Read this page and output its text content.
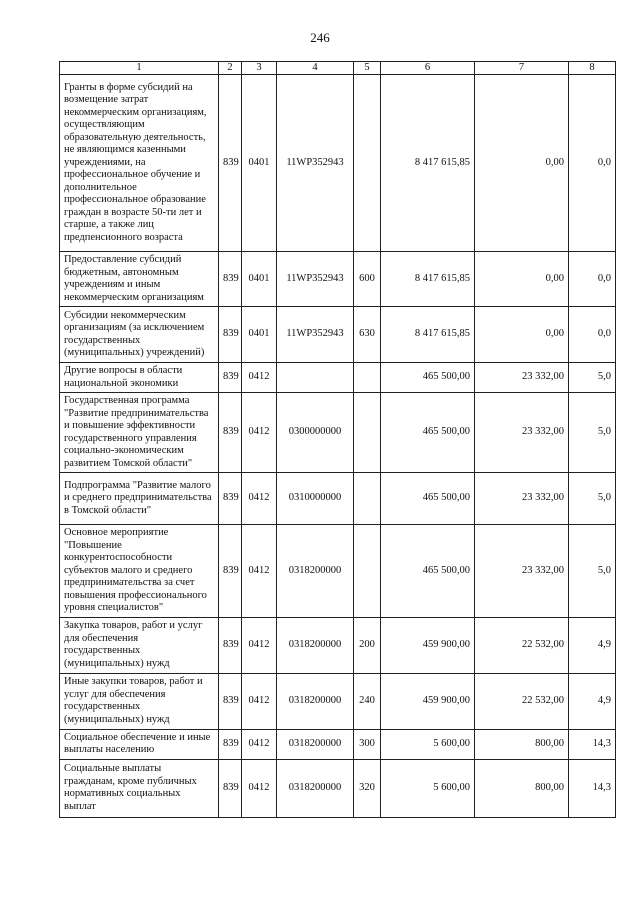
246
1	2	3	4	5	6	7	8
Гранты в форме субсидий на возмещение затрат некоммерческим организациям, осуществляющим образовательную деятельность, не являющимся казенными учреждениями, на профессиональное обучение и дополнительное профессиональное образование граждан в возрасте 50-ти лет и старше, а также лиц предпенсионного возраста	839	0401	11WP352943		8 417 615,85	0,00	0,0
Предоставление субсидий бюджетным, автономным учреждениям и иным некоммерческим организациям	839	0401	11WP352943	600	8 417 615,85	0,00	0,0
Субсидии некоммерческим организациям (за исключением государственных (муниципальных) учреждений)	839	0401	11WP352943	630	8 417 615,85	0,00	0,0
Другие вопросы в области национальной экономики	839	0412			465 500,00	23 332,00	5,0
Государственная программа "Развитие предпринимательства и повышение эффективности государственного управления социально-экономическим развитием Томской области"	839	0412	0300000000		465 500,00	23 332,00	5,0
Подпрограмма "Развитие малого и среднего предпринимательства в Томской области"	839	0412	0310000000		465 500,00	23 332,00	5,0
Основное мероприятие "Повышение конкурентоспособности субъектов малого и среднего предпринимательства за счет повышения профессионального уровня специалистов"	839	0412	0318200000		465 500,00	23 332,00	5,0
Закупка товаров, работ и услуг для обеспечения государственных (муниципальных) нужд	839	0412	0318200000	200	459 900,00	22 532,00	4,9
Иные закупки товаров, работ и услуг для обеспечения государственных (муниципальных) нужд	839	0412	0318200000	240	459 900,00	22 532,00	4,9
Социальное обеспечение и иные выплаты населению	839	0412	0318200000	300	5 600,00	800,00	14,3
Социальные выплаты гражданам, кроме публичных нормативных социальных выплат	839	0412	0318200000	320	5 600,00	800,00	14,3
